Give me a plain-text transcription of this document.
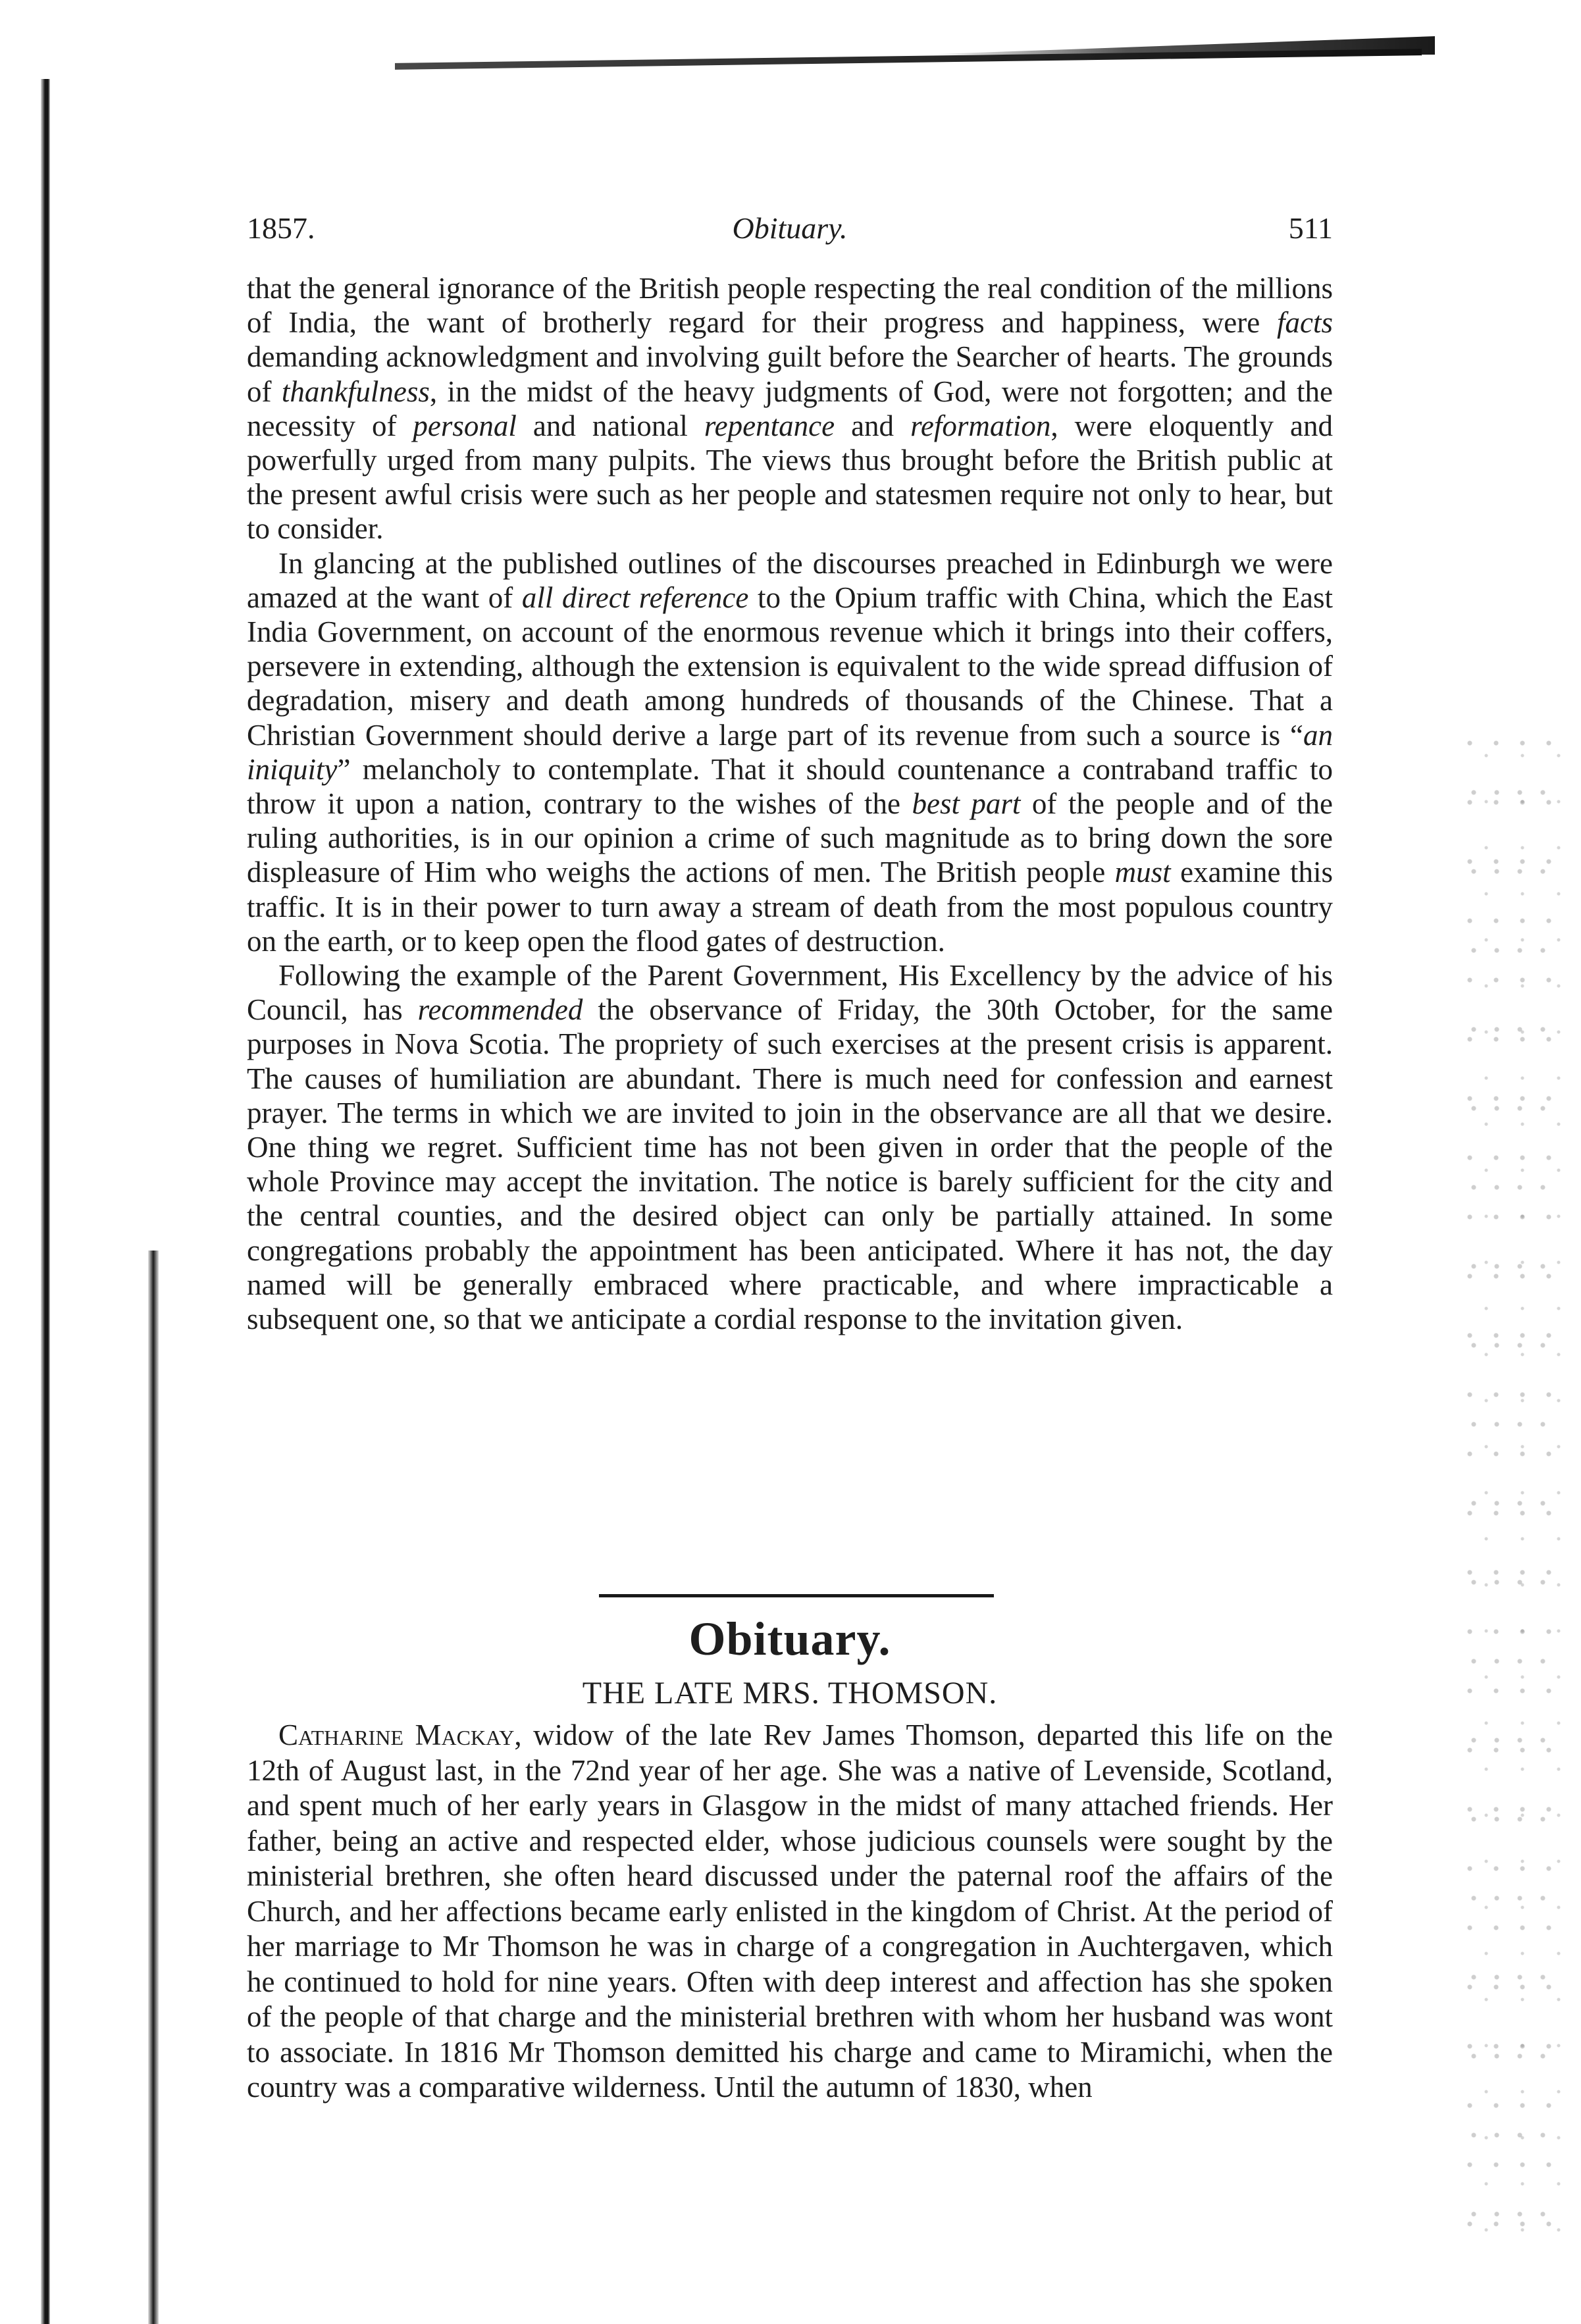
1857.	Obituary.	511

that the general ignorance of the British people respecting the real condition of the millions of India, the want of brotherly regard for their progress and happiness, were facts demanding acknowledgment and involving guilt before the Searcher of hearts. The grounds of thankfulness, in the midst of the heavy judgments of God, were not forgotten; and the necessity of personal and national repentance and reformation, were eloquently and powerfully urged from many pulpits. The views thus brought before the British public at the present awful crisis were such as her people and statesmen require not only to hear, but to consider.

In glancing at the published outlines of the discourses preached in Edinburgh we were amazed at the want of all direct reference to the Opium traffic with China, which the East India Government, on account of the enormous revenue which it brings into their coffers, persevere in extending, although the extension is equivalent to the wide spread diffusion of degradation, misery and death among hundreds of thousands of the Chinese. That a Christian Government should derive a large part of its revenue from such a source is “an iniquity” melancholy to contemplate. That it should countenance a contraband traffic to throw it upon a nation, contrary to the wishes of the best part of the people and of the ruling authorities, is in our opinion a crime of such magnitude as to bring down the sore displeasure of Him who weighs the actions of men. The British people must examine this traffic. It is in their power to turn away a stream of death from the most populous country on the earth, or to keep open the flood gates of destruction.

Following the example of the Parent Government, His Excellency by the advice of his Council, has recommended the observance of Friday, the 30th October, for the same purposes in Nova Scotia. The propriety of such exercises at the present crisis is apparent. The causes of humiliation are abundant. There is much need for confession and earnest prayer. The terms in which we are invited to join in the observance are all that we desire. One thing we regret. Sufficient time has not been given in order that the people of the whole Province may accept the invitation. The notice is barely sufficient for the city and the central counties, and the desired object can only be partially attained. In some congregations probably the appointment has been anticipated. Where it has not, the day named will be generally embraced where practicable, and where impracticable a subsequent one, so that we anticipate a cordial response to the invitation given.

Obituary.
THE LATE MRS. THOMSON.

Catharine Mackay, widow of the late Rev James Thomson, departed this life on the 12th of August last, in the 72nd year of her age. She was a native of Levenside, Scotland, and spent much of her early years in Glasgow in the midst of many attached friends. Her father, being an active and respected elder, whose judicious counsels were sought by the ministerial brethren, she often heard discussed under the paternal roof the affairs of the Church, and her affections became early enlisted in the kingdom of Christ. At the period of her marriage to Mr Thomson he was in charge of a congregation in Auchtergaven, which he continued to hold for nine years. Often with deep interest and affection has she spoken of the people of that charge and the ministerial brethren with whom her husband was wont to associate. In 1816 Mr Thomson demitted his charge and came to Miramichi, when the country was a comparative wilderness. Until the autumn of 1830, when
